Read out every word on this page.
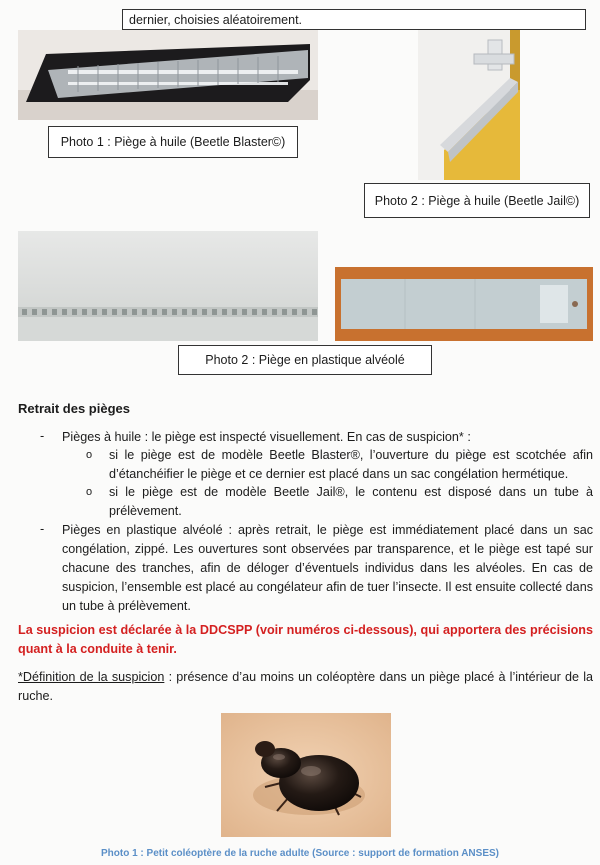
dernier, choisies aléatoirement.
Photo 1 : Piège à huile (Beetle Blaster©)
Photo 2 : Piège à huile (Beetle Jail©)
Photo 2 : Piège en plastique alvéolé
Retrait des pièges
- Pièges à huile : le piège est inspecté visuellement. En cas de suspicion* :
o si le piège est de modèle Beetle Blaster®, l’ouverture du piège est scotchée afin d’étanchéifier le piège et ce dernier est placé dans un sac congélation hermétique.
o si le piège est de modèle Beetle Jail®, le contenu est disposé dans un tube à prélèvement.
- Pièges en plastique alvéolé : après retrait, le piège est immédiatement placé dans un sac congélation, zippé. Les ouvertures sont observées par transparence, et le piège est tapé sur chacune des tranches, afin de déloger d’éventuels individus dans les alvéoles. En cas de suspicion, l’ensemble est placé au congélateur afin de tuer l’insecte. Il est ensuite collecté dans un tube à prélèvement.
La suspicion est déclarée à la DDCSPP (voir numéros ci-dessous), qui apportera des précisions quant à la conduite à tenir.
*Définition de la suspicion : présence d’au moins un coléoptère dans un piège placé à l’intérieur de la ruche.
Photo 1 : Petit coléoptère de la ruche adulte (Source : support de formation ANSES)
